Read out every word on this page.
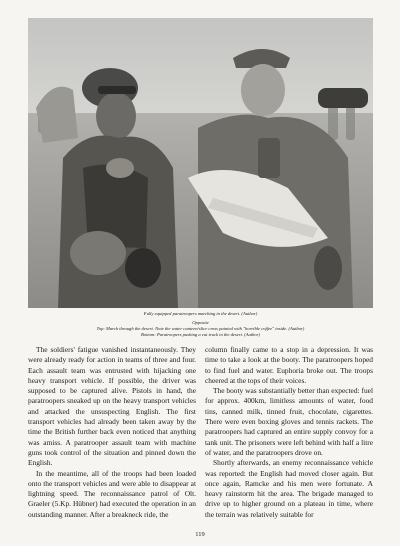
Fully equipped paratroopers marching in the desert. (Author)

Opposite

Top: March through the desert. Note the water canteen/slice cross painted with "horrible coffee" inside. (Author)

Bottom: Paratroopers pushing a cut truck in the desert. (Author)

The soldiers' fatigue vanished instantaneously. They were already ready for action in teams of three and four. Each assault team was entrusted with hijacking one heavy transport vehicle. If possible, the driver was supposed to be captured alive. Pistols in hand, the paratroopers sneaked up on the heavy transport vehicles and attacked the unsuspecting English. The first transport vehicles had already been taken away by the time the British further back even noticed that anything was amiss. A paratrooper assault team with machine guns took control of the situation and pinned down the English.

In the meantime, all of the troops had been loaded onto the transport vehicles and were able to disappear at lightning speed. The reconnaissance patrol of Olt. Graeler (5.Kp. Hübner) had executed the operation in an outstanding manner. After a breakneck ride, the

column finally came to a stop in a depression. It was time to take a look at the booty. The paratroopers hoped to find fuel and water. Euphoria broke out. The troops cheered at the tops of their voices.

The booty was substantially better than expected: fuel for approx. 400km, limitless amounts of water, food tins, canned milk, tinned fruit, chocolate, cigarettes. There were even boxing gloves and tennis rackets. The paratroopers had captured an entire supply convoy for a tank unit. The prisoners were left behind with half a litre of water, and the paratroopers drove on.

Shortly afterwards, an enemy reconnaissance vehicle was reported: the English had moved closer again. But once again, Ramcke and his men were fortunate. A heavy rainstorm hit the area. The brigade managed to drive up to higher ground on a plateau in time, where the terrain was relatively suitable for

119
